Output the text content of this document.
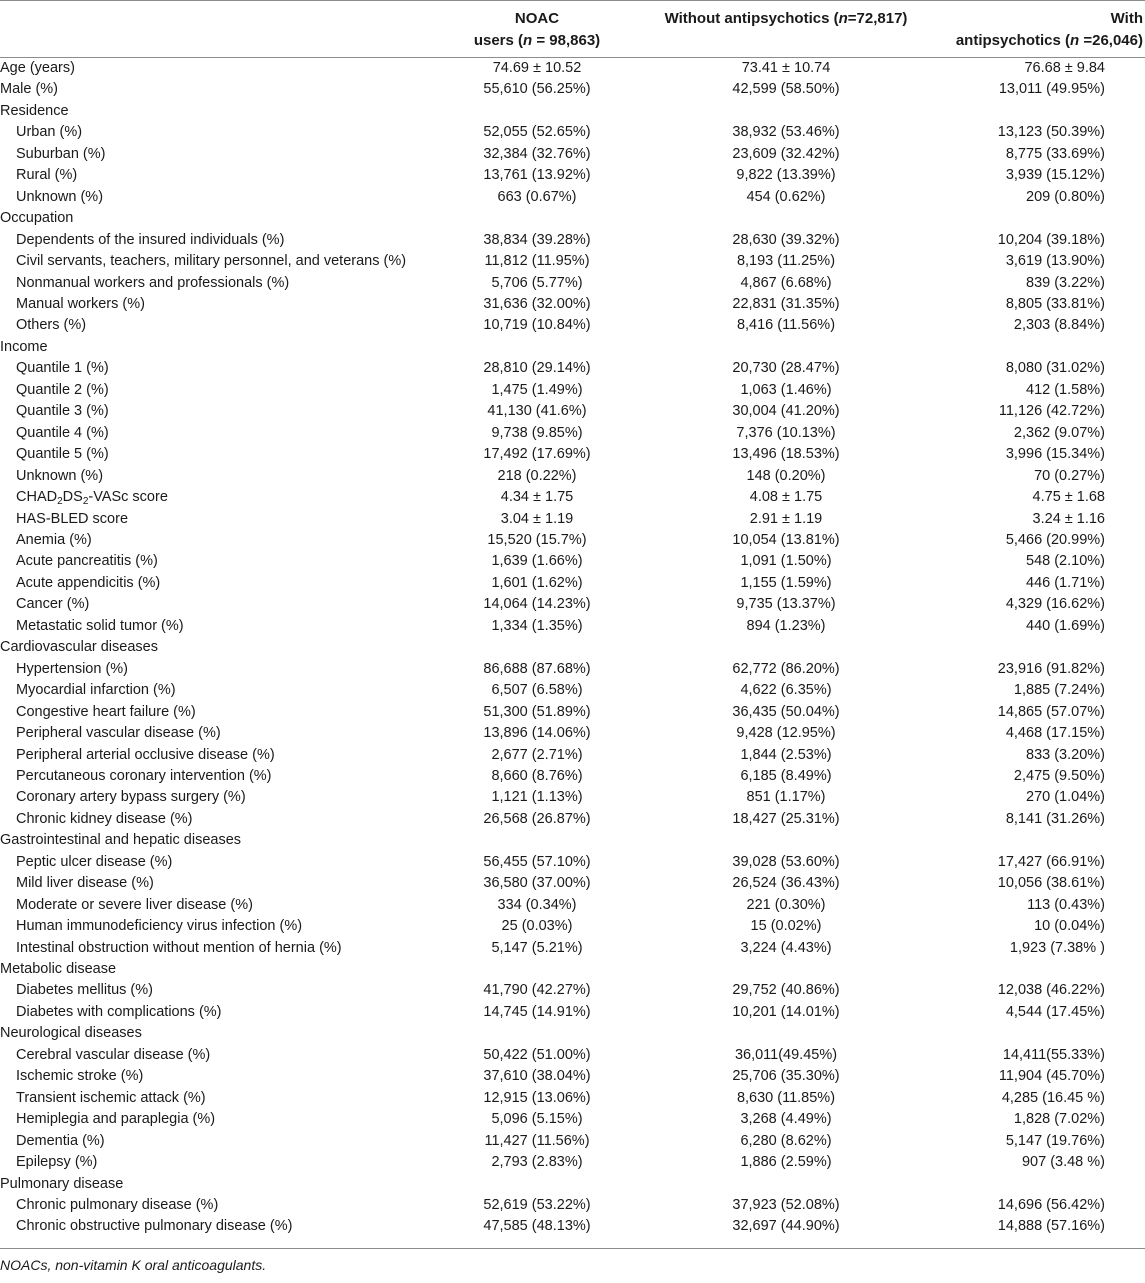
	NOAC
users (n = 98,863)	Without antipsychotics (n=72,817)	With
antipsychotics (n =26,046)
Age (years)	74.69 ± 10.52	73.41 ± 10.74	76.68 ± 9.84
Male (%)	55,610 (56.25%)	42,599 (58.50%)	13,011 (49.95%)
Residence			
Urban (%)	52,055 (52.65%)	38,932 (53.46%)	13,123 (50.39%)
Suburban (%)	32,384 (32.76%)	23,609 (32.42%)	8,775 (33.69%)
Rural (%)	13,761 (13.92%)	9,822 (13.39%)	3,939 (15.12%)
Unknown (%)	663 (0.67%)	454 (0.62%)	209 (0.80%)
Occupation			
Dependents of the insured individuals (%)	38,834 (39.28%)	28,630 (39.32%)	10,204 (39.18%)
Civil servants, teachers, military personnel, and veterans (%)	11,812 (11.95%)	8,193 (11.25%)	3,619 (13.90%)
Nonmanual workers and professionals (%)	5,706 (5.77%)	4,867 (6.68%)	839 (3.22%)
Manual workers (%)	31,636 (32.00%)	22,831 (31.35%)	8,805 (33.81%)
Others (%)	10,719 (10.84%)	8,416 (11.56%)	2,303 (8.84%)
Income			
Quantile 1 (%)	28,810 (29.14%)	20,730 (28.47%)	8,080 (31.02%)
Quantile 2 (%)	1,475 (1.49%)	1,063 (1.46%)	412 (1.58%)
Quantile 3 (%)	41,130 (41.6%)	30,004 (41.20%)	11,126 (42.72%)
Quantile 4 (%)	9,738 (9.85%)	7,376 (10.13%)	2,362 (9.07%)
Quantile 5 (%)	17,492 (17.69%)	13,496 (18.53%)	3,996 (15.34%)
Unknown (%)	218 (0.22%)	148 (0.20%)	70 (0.27%)
$CHAD_2DS_2$-VASc score	4.34 ± 1.75	4.08 ± 1.75	4.75 ± 1.68
HAS-BLED score	3.04 ± 1.19	2.91 ± 1.19	3.24 ± 1.16
Anemia (%)	15,520 (15.7%)	10,054 (13.81%)	5,466 (20.99%)
Acute pancreatitis (%)	1,639 (1.66%)	1,091 (1.50%)	548 (2.10%)
Acute appendicitis (%)	1,601 (1.62%)	1,155 (1.59%)	446 (1.71%)
Cancer (%)	14,064 (14.23%)	9,735 (13.37%)	4,329 (16.62%)
Metastatic solid tumor (%)	1,334 (1.35%)	894 (1.23%)	440 (1.69%)
Cardiovascular diseases			
Hypertension (%)	86,688 (87.68%)	62,772 (86.20%)	23,916 (91.82%)
Myocardial infarction (%)	6,507 (6.58%)	4,622 (6.35%)	1,885 (7.24%)
Congestive heart failure (%)	51,300 (51.89%)	36,435 (50.04%)	14,865 (57.07%)
Peripheral vascular disease (%)	13,896 (14.06%)	9,428 (12.95%)	4,468 (17.15%)
Peripheral arterial occlusive disease (%)	2,677 (2.71%)	1,844 (2.53%)	833 (3.20%)
Percutaneous coronary intervention (%)	8,660 (8.76%)	6,185 (8.49%)	2,475 (9.50%)
Coronary artery bypass surgery (%)	1,121 (1.13%)	851 (1.17%)	270 (1.04%)
Chronic kidney disease (%)	26,568 (26.87%)	18,427 (25.31%)	8,141 (31.26%)
Gastrointestinal and hepatic diseases			
Peptic ulcer disease (%)	56,455 (57.10%)	39,028 (53.60%)	17,427 (66.91%)
Mild liver disease (%)	36,580 (37.00%)	26,524 (36.43%)	10,056 (38.61%)
Moderate or severe liver disease (%)	334 (0.34%)	221 (0.30%)	113 (0.43%)
Human immunodeficiency virus infection (%)	25 (0.03%)	15 (0.02%)	10 (0.04%)
Intestinal obstruction without mention of hernia (%)	5,147 (5.21%)	3,224 (4.43%)	1,923 (7.38% )
Metabolic disease			
Diabetes mellitus (%)	41,790 (42.27%)	29,752 (40.86%)	12,038 (46.22%)
Diabetes with complications (%)	14,745 (14.91%)	10,201 (14.01%)	4,544 (17.45%)
Neurological diseases			
Cerebral vascular disease (%)	50,422 (51.00%)	36,011(49.45%)	14,411(55.33%)
Ischemic stroke (%)	37,610 (38.04%)	25,706 (35.30%)	11,904 (45.70%)
Transient ischemic attack (%)	12,915 (13.06%)	8,630 (11.85%)	4,285 (16.45 %)
Hemiplegia and paraplegia (%)	5,096 (5.15%)	3,268 (4.49%)	1,828 (7.02%)
Dementia (%)	11,427 (11.56%)	6,280 (8.62%)	5,147 (19.76%)
Epilepsy (%)	2,793 (2.83%)	1,886 (2.59%)	907 (3.48 %)
Pulmonary disease			
Chronic pulmonary disease (%)	52,619 (53.22%)	37,923 (52.08%)	14,696 (56.42%)
Chronic obstructive pulmonary disease (%)	47,585 (48.13%)	32,697 (44.90%)	14,888 (57.16%)
NOACs, non-vitamin K oral anticoagulants.
